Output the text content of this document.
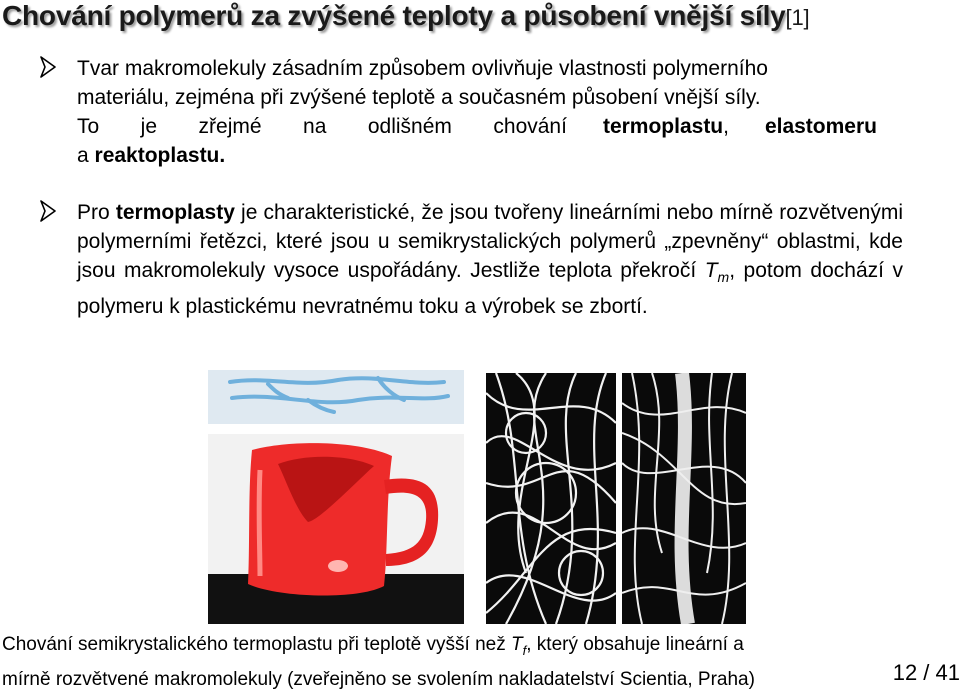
Chování polymerů za zvýšené teploty a působení vnější síly[1]
Tvar makromolekuly zásadním způsobem ovlivňuje vlastnosti polymerního
materiálu, zejména při zvýšené teplotě a současném působení vnější síly.
To je zřejmé na odlišném chování termoplastu, elastomeru
a reaktoplastu.
Pro termoplasty je charakteristické, že jsou tvořeny lineárními nebo mírně rozvětvenými polymerními řetězci, které jsou u semikrystalických polymerů „zpevněny“ oblastmi, kde jsou makromolekuly vysoce uspořádány. Jestliže teplota překročí $T_m$, potom dochází v polymeru k plastickému nevratnému toku a výrobek se zbortí.
Chování semikrystalického termoplastu při teplotě vyšší než $T_f$, který obsahuje lineární a
mírně rozvětvené makromolekuly (zveřejněno se svolením nakladatelství Scientia, Praha)	12 / 41
